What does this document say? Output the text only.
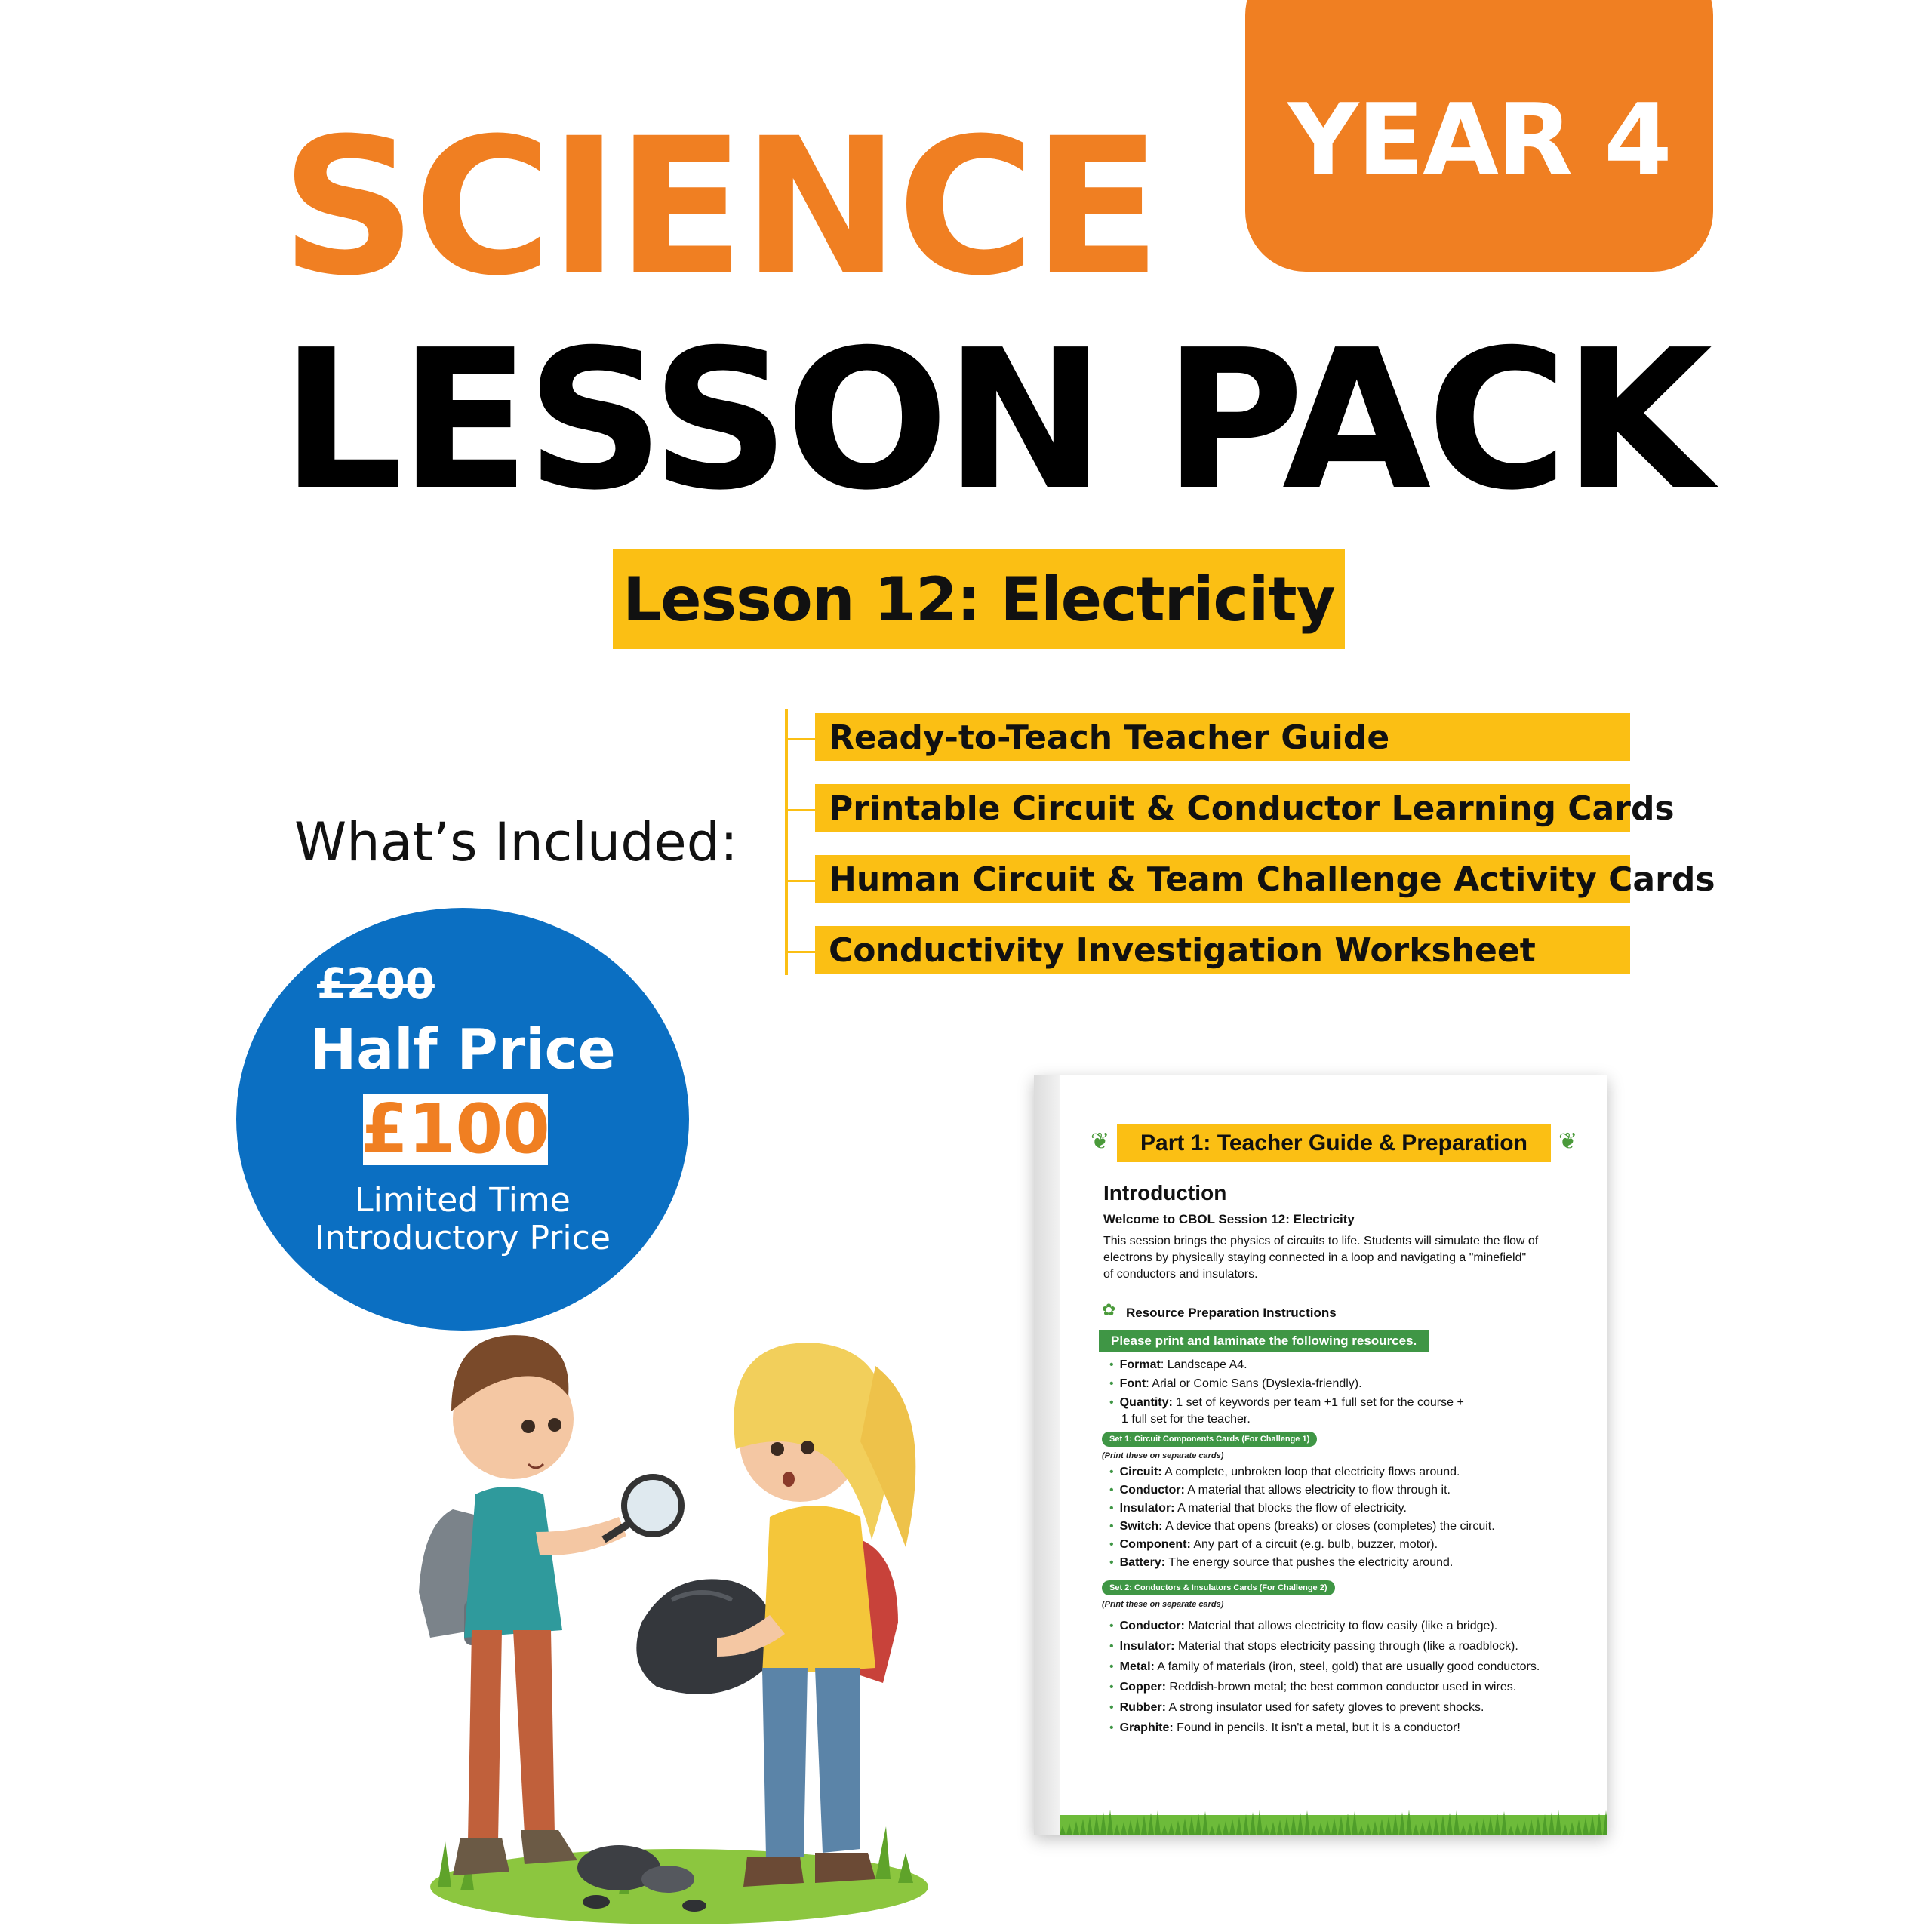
YEAR 4
SCIENCE
LESSON PACK
Lesson 12: Electricity
What’s Included:
Ready-to-Teach Teacher Guide
Printable Circuit & Conductor Learning Cards
Human Circuit & Team Challenge Activity Cards
Conductivity Investigation Worksheet
£200
Half Price
£100
Limited Time
Introductory Price
❦	❦
Part 1: Teacher Guide & Preparation
Introduction
Welcome to CBOL Session 12: Electricity
This session brings the physics of circuits to life. Students will simulate the flow of
electrons by physically staying connected in a loop and navigating a "minefield"
of conductors and insulators.
✿ Resource Preparation Instructions
Please print and laminate the following resources.
• Format: Landscape A4.
• Font: Arial or Comic Sans (Dyslexia-friendly).
• Quantity: 1 set of keywords per team +1 full set for the course +
1 full set for the teacher.
Set 1: Circuit Components Cards (For Challenge 1)
(Print these on separate cards)
• Circuit: A complete, unbroken loop that electricity flows around.
• Conductor: A material that allows electricity to flow through it.
• Insulator: A material that blocks the flow of electricity.
• Switch: A device that opens (breaks) or closes (completes) the circuit.
• Component: Any part of a circuit (e.g. bulb, buzzer, motor).
• Battery: The energy source that pushes the electricity around.
Set 2: Conductors & Insulators Cards (For Challenge 2)
(Print these on separate cards)
• Conductor: Material that allows electricity to flow easily (like a bridge).
• Insulator: Material that stops electricity passing through (like a roadblock).
• Metal: A family of materials (iron, steel, gold) that are usually good conductors.
• Copper: Reddish-brown metal; the best common conductor used in wires.
• Rubber: A strong insulator used for safety gloves to prevent shocks.
• Graphite: Found in pencils. It isn't a metal, but it is a conductor!
